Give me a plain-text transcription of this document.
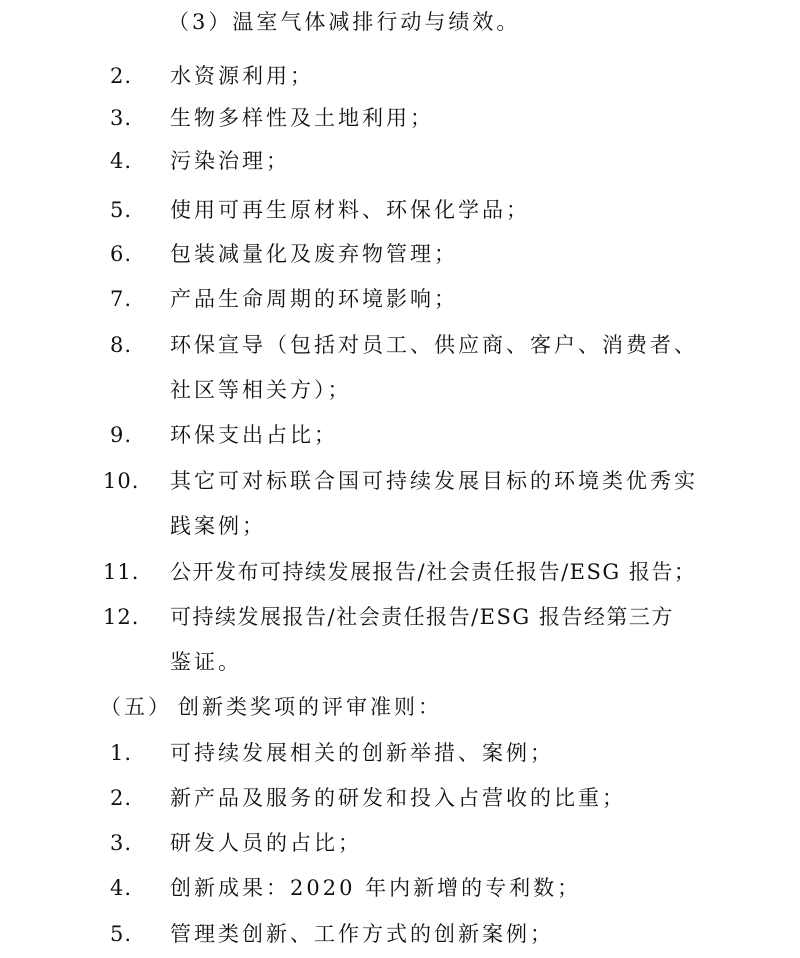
（3）温室气体减排行动与绩效。
2. 水资源利用；
3. 生物多样性及土地利用；
4. 污染治理；
5. 使用可再生原材料、环保化学品；
6. 包装减量化及废弃物管理；
7. 产品生命周期的环境影响；
8. 环保宣导（包括对员工、供应商、客户、消费者、
社区等相关方）；
9. 环保支出占比；
10. 其它可对标联合国可持续发展目标的环境类优秀实
践案例；
11. 公开发布可持续发展报告/社会责任报告/ESG 报告；
12. 可持续发展报告/社会责任报告/ESG 报告经第三方
鉴证。
（五） 创新类奖项的评审准则：
1. 可持续发展相关的创新举措、案例；
2. 新产品及服务的研发和投入占营收的比重；
3. 研发人员的占比；
4. 创新成果：2020 年内新增的专利数；
5. 管理类创新、工作方式的创新案例；
